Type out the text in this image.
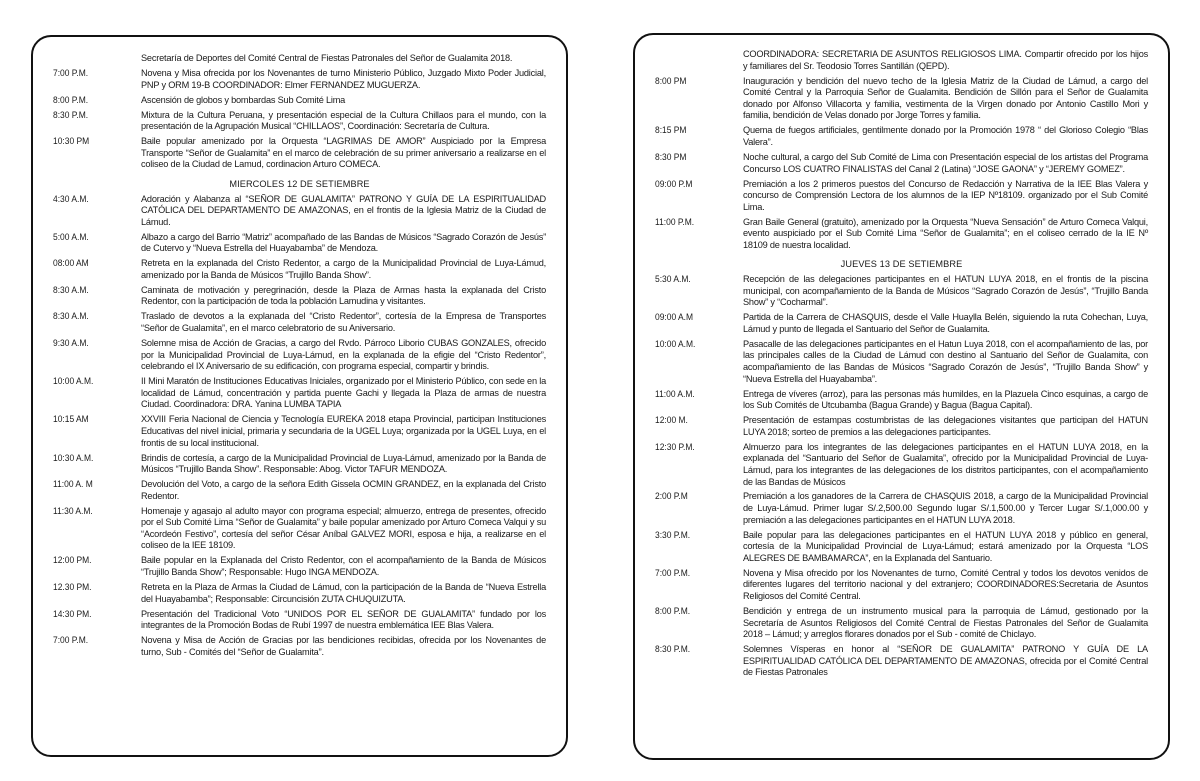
Secretaría de Deportes del Comité Central de Fiestas Patronales del Señor de Gualamita 2018.
7:00 P.M.	Novena y Misa ofrecida por los Novenantes de turno Ministerio Público, Juzgado Mixto Poder Judicial, PNP y ORM 19-B COORDINADOR: Elmer FERNANDEZ MUGUERZA.
8:00 P.M.	Ascensión de globos y bombardas Sub Comité Lima
8:30 P.M.	Mixtura de la Cultura Peruana, y presentación especial de la Cultura Chillaos para el mundo, con la presentación de la Agrupación Musical “CHILLAOS”, Coordinación: Secretaría de Cultura.
10:30 PM	Baile popular amenizado por la Orquesta “LAGRIMAS DE AMOR” Auspiciado por la Empresa Transporte “Señor de Gualamita” en el marco de celebración de su primer aniversario a realizarse en el coliseo de la Ciudad de Lamud, cordinacion Arturo COMECA.
MIERCOLES 12 DE SETIEMBRE
4:30 A.M.	Adoración y Alabanza al “SEÑOR DE GUALAMITA” PATRONO Y GUÍA DE LA ESPIRITUALIDAD CATÓLICA DEL DEPARTAMENTO DE AMAZONAS, en el frontis de la Iglesia Matriz de la Ciudad de Lámud.
5:00 A.M.	Albazo a cargo del Barrio “Matriz” acompañado de las Bandas de Músicos “Sagrado Corazón de Jesús” de Cutervo y “Nueva Estrella del Huayabamba” de Mendoza.
08:00 AM	Retreta en la explanada del Cristo Redentor, a cargo de la Municipalidad Provincial de Luya-Lámud, amenizado por la Banda de Músicos “Trujillo Banda Show”.
8:30 A.M.	Caminata de motivación y peregrinación, desde la Plaza de Armas hasta la explanada del Cristo Redentor, con la participación de toda la población Lamudina y visitantes.
8:30 A.M.	Traslado de devotos a la explanada del “Cristo Redentor”, cortesía de la Empresa de Transportes “Señor de Gualamita”, en el marco celebratorio de su Aniversario.
9:30 A.M.	Solemne misa de Acción de Gracias, a cargo del Rvdo. Párroco Liborio CUBAS GONZALES, ofrecido por la Municipalidad Provincial de Luya-Lámud, en la explanada de la efigie del “Cristo Redentor”, celebrando el IX Aniversario de su edificación, con programa especial, compartir y brindis.
10:00 A.M.	II Mini Maratón de Instituciones Educativas Iniciales, organizado por el Ministerio Público, con sede en la localidad de Lámud, concentración y partida puente Gachi y llegada la Plaza de armas de nuestra Ciudad. Coordinadora: DRA. Yanina LUMBA TAPIA
10:15 AM	XXVIII Feria Nacional de Ciencia y Tecnología EUREKA 2018 etapa Provincial, participan Instituciones Educativas del nivel inicial, primaria y secundaria de la UGEL Luya; organizada por la UGEL Luya, en el frontis de su local institucional.
10:30 A.M.	Brindis de cortesía, a cargo de la Municipalidad Provincial de Luya-Lámud, amenizado por la Banda de Músicos “Trujillo Banda Show”. Responsable: Abog. Victor TAFUR MENDOZA.
11:00 A. M	Devolución del Voto, a cargo de la señora Edith Gissela OCMIN GRANDEZ, en la explanada del Cristo Redentor.
11:30 A.M.	Homenaje y agasajo al adulto mayor con programa especial; almuerzo, entrega de presentes, ofrecido por el Sub Comité Lima “Señor de Gualamita” y baile popular amenizado por Arturo Comeca Valqui y su “Acordeón Festivo”, cortesía del señor César Aníbal GALVEZ MORI, esposa e hija, a realizarse en el coliseo de la IEE 18109.
12:00 PM.	Baile popular en la Explanada del Cristo Redentor, con el acompañamiento de la Banda de Músicos “Trujillo Banda Show”; Responsable: Hugo INGA MENDOZA.
12.30 PM.	Retreta en la Plaza de Armas la Ciudad de Lámud, con la participación de la Banda de “Nueva Estrella del Huayabamba”; Responsable: Circuncisión ZUTA CHUQUIZUTA.
14:30 PM.	Presentación del Tradicional Voto “UNIDOS POR EL SEÑOR DE GUALAMITA” fundado por los integrantes de la Promoción Bodas de Rubí 1997 de nuestra emblemática IEE Blas Valera.
7:00 P.M.	Novena y Misa de Acción de Gracias por las bendiciones recibidas, ofrecida por los Novenantes de turno, Sub - Comités del “Señor de Gualamita”.
COORDINADORA: SECRETARIA DE ASUNTOS RELIGIOSOS LIMA. Compartir ofrecido por los hijos y familiares del Sr. Teodosio Torres Santillán (QEPD).
8:00 PM	Inauguración y bendición del nuevo techo de la Iglesia Matriz de la Ciudad de Lámud, a cargo del Comité Central y la Parroquia Señor de Gualamita. Bendición de Sillón para el Señor de Gualamita donado por Alfonso Villacorta y familia, vestimenta de la Virgen donado por Antonio Castillo Mori y familia, bendición de Velas donado por Jorge Torres y familia.
8:15 PM	Quema de fuegos artificiales, gentilmente donado por la Promoción 1978 “ del Glorioso Colegio “Blas Valera”.
8:30 PM	Noche cultural, a cargo del Sub Comité de Lima con Presentación especial de los artistas del Programa Concurso LOS CUATRO FINALISTAS del Canal 2 (Latina) “JOSE GAONA” y “JEREMY GOMEZ”.
09:00 P.M	Premiación a los 2 primeros puestos del Concurso de Redacción y Narrativa de la IEE Blas Valera y concurso de Comprensión Lectora de los alumnos de la IEP Nº18109. organizado por el Sub Comité Lima.
11:00 P.M.	Gran Baile General (gratuito), amenizado por la Orquesta “Nueva Sensación” de Arturo Comeca Valqui, evento auspiciado por el Sub Comité Lima “Señor de Gualamita”; en el coliseo cerrado de la IE Nº 18109 de nuestra localidad.
JUEVES 13 DE SETIEMBRE
5:30 A.M.	Recepción de las delegaciones participantes en el HATUN LUYA 2018, en el frontis de la piscina municipal, con acompañamiento de la Banda de Músicos “Sagrado Corazón de Jesús”, “Trujillo Banda Show” y “Cocharmal”.
09:00 A.M	Partida de la Carrera de CHASQUIS, desde el Valle Huaylla Belén, siguiendo la ruta Cohechan, Luya, Lámud y punto de llegada el Santuario del Señor de Gualamita.
10:00 A.M.	Pasacalle de las delegaciones participantes en el Hatun Luya 2018, con el acompañamiento de las, por las principales calles de la Ciudad de Lámud con destino al Santuario del Señor de Gualamita, con acompañamiento de las Bandas de Músicos “Sagrado Corazón de Jesús”, “Trujillo Banda Show” y “Nueva Estrella del Huayabamba”.
11:00 A.M.	Entrega de víveres (arroz), para las personas más humildes, en la Plazuela Cinco esquinas, a cargo de los Sub Comités de Utcubamba (Bagua Grande) y Bagua (Bagua Capital).
12:00 M.	Presentación de estampas costumbristas de las delegaciones visitantes que participan del HATUN LUYA 2018; sorteo de premios a las delegaciones participantes.
12:30 P.M.	Almuerzo para los integrantes de las delegaciones participantes en el HATUN LUYA 2018, en la explanada del “Santuario del Señor de Gualamita”, ofrecido por la Municipalidad Provincial de Luya-Lámud, para los integrantes de las delegaciones de los distritos participantes, con el acompañamiento de las Bandas de Músicos
2:00 P.M	Premiación a los ganadores de la Carrera de CHASQUIS 2018, a cargo de la Municipalidad Provincial de Luya-Lámud. Primer lugar S/.2,500.00 Segundo lugar S/.1,500.00 y Tercer Lugar S/.1,000.00 y premiación a las delegaciones participantes en el HATUN LUYA 2018.
3:30 P.M.	Baile popular para las delegaciones participantes en el HATUN LUYA 2018 y público en general, cortesía de la Municipalidad Provincial de Luya-Lámud; estará amenizado por la Orquesta “LOS ALEGRES DE BAMBAMARCA”, en la Explanada del Santuario.
7:00 P.M.	Novena y Misa ofrecido por los Novenantes de turno, Comité Central y todos los devotos venidos de diferentes lugares del territorio nacional y del extranjero; COORDINADORES:Secretaria de Asuntos Religiosos del Comité Central.
8:00 P.M.	Bendición y entrega de un instrumento musical para la parroquia de Lámud, gestionado por la Secretaría de Asuntos Religiosos del Comité Central de Fiestas Patronales del Señor de Gualamita 2018 – Lámud; y arreglos florares donados por el Sub - comité de Chiclayo.
8:30 P.M.	Solemnes Vísperas en honor al “SEÑOR DE GUALAMITA” PATRONO Y GUÍA DE LA ESPIRITUALIDAD CATÓLICA DEL DEPARTAMENTO DE AMAZONAS, ofrecida por el Comité Central de Fiestas Patronales
